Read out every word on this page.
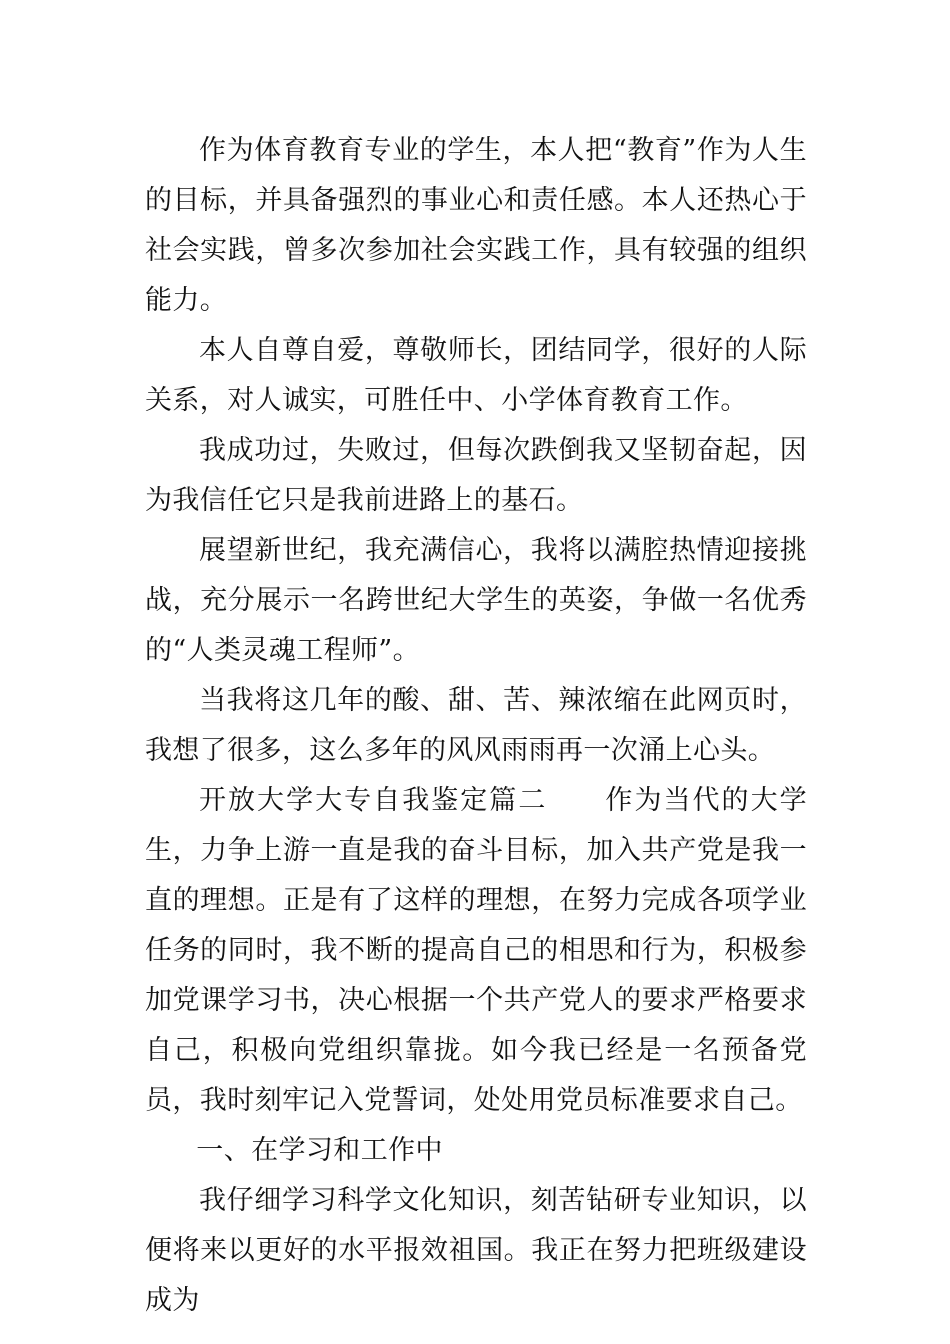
作为体育教育专业的学生，本人把“教育”作为人生的目标，并具备强烈的事业心和责任感。本人还热心于社会实践，曾多次参加社会实践工作，具有较强的组织能力。

本人自尊自爱，尊敬师长，团结同学，很好的人际关系，对人诚实，可胜任中、小学体育教育工作。

我成功过，失败过，但每次跌倒我又坚韧奋起，因为我信任它只是我前进路上的基石。

展望新世纪，我充满信心，我将以满腔热情迎接挑战，充分展示一名跨世纪大学生的英姿，争做一名优秀的“人类灵魂工程师”。

当我将这几年的酸、甜、苦、辣浓缩在此网页时，我想了很多，这么多年的风风雨雨再一次涌上心头。

开放大学大专自我鉴定篇二　　作为当代的大学生，力争上游一直是我的奋斗目标，加入共产党是我一直的理想。正是有了这样的理想，在努力完成各项学业任务的同时，我不断的提高自己的相思和行为，积极参加党课学习书，决心根据一个共产党人的要求严格要求自己，积极向党组织靠拢。如今我已经是一名预备党员，我时刻牢记入党誓词，处处用党员标准要求自己。

一、在学习和工作中

我仔细学习科学文化知识，刻苦钻研专业知识，以便将来以更好的水平报效祖国。我正在努力把班级建设成为
